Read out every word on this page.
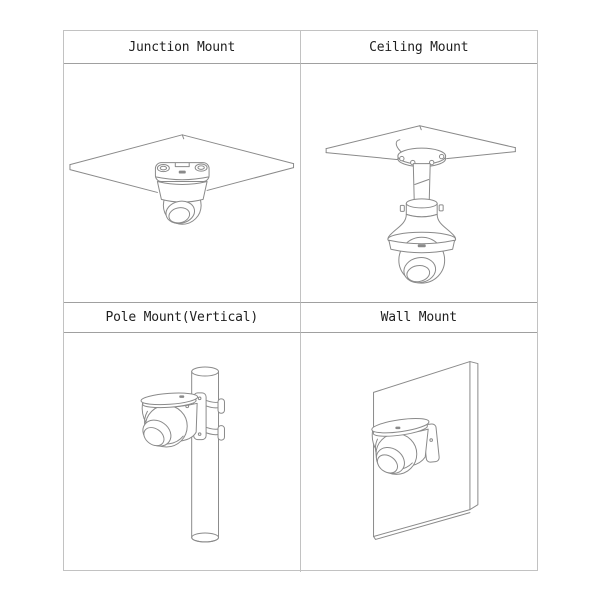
Junction Mount	Ceiling Mount
Pole Mount(Vertical)	Wall Mount
